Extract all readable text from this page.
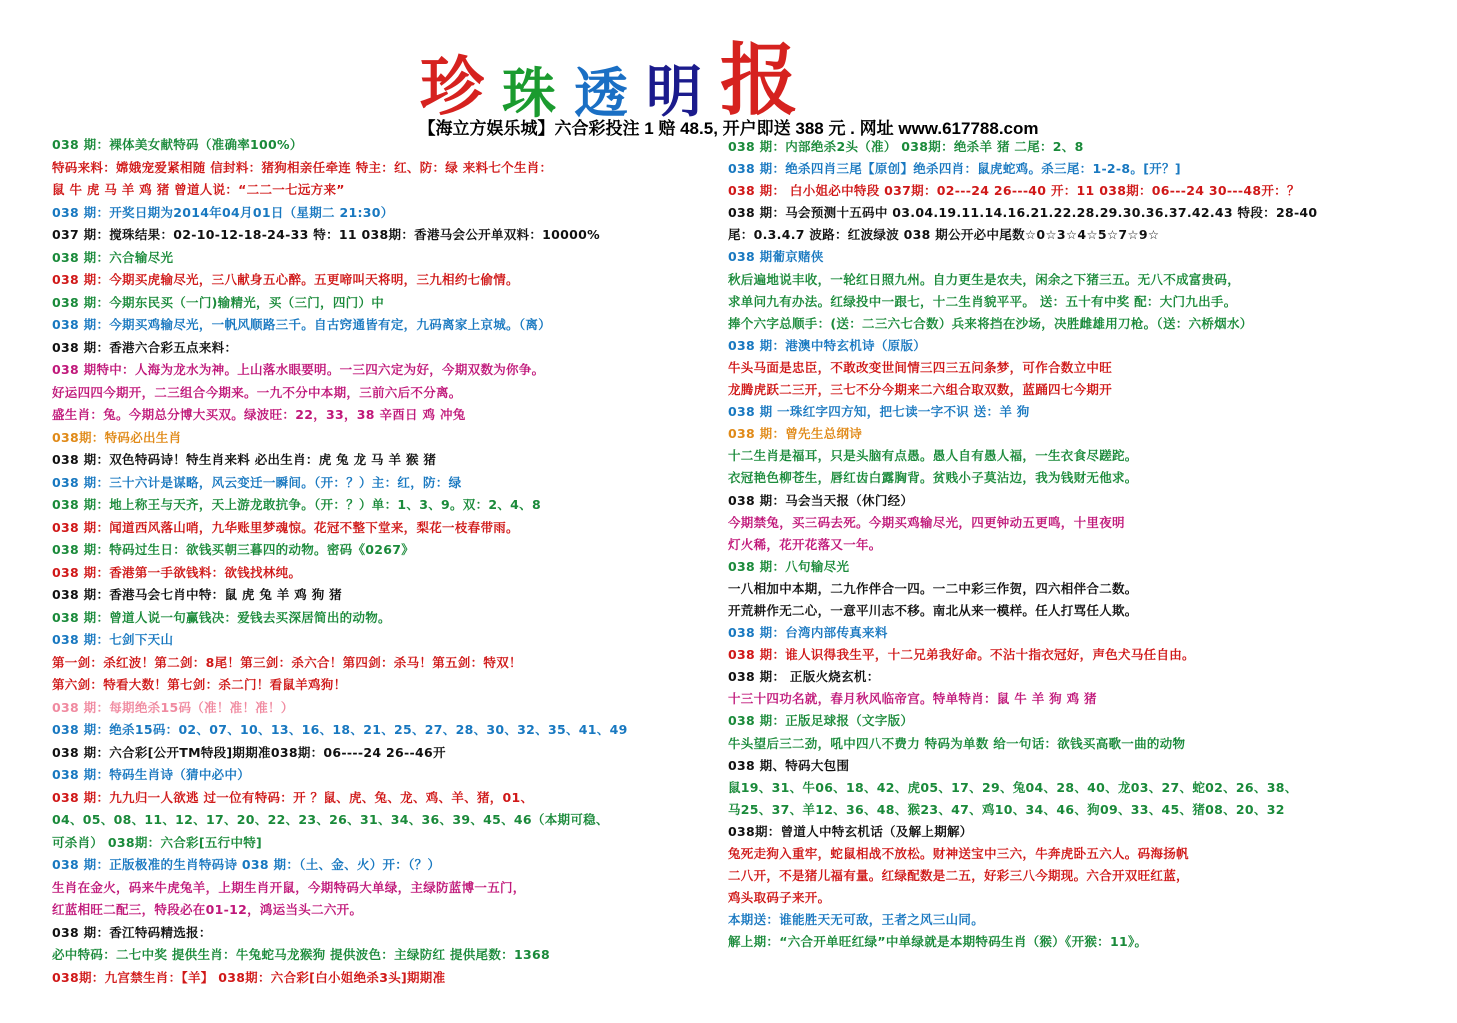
珍 珠 透 明 报
【海立方娱乐城】六合彩投注 1 赔 48.5, 开户即送 388 元 . 网址 www.617788.com
038 期：裸体美女献特码（准确率100%）
特码来料：嫦娥宠爱紧相随 信封料：猪狗相亲任牵连 特主：红、防：绿 来料七个生肖：
鼠 牛 虎 马 羊 鸡 猪 曾道人说：“二二一七远方来”
038 期：开奖日期为2014年04月01日（星期二 21:30）
037 期：搅珠结果：02-10-12-18-24-33 特：11 038期：香港马会公开单双料：10000%
038 期：六合输尽光
038 期：今期买虎输尽光，三八献身五心醉。五更啼叫天将明，三九相约七偷情。
038 期：今期东民买（一门)输精光，买（三门，四门）中
038 期：今期买鸡输尽光，一帆风顺路三千。自古窍通皆有定，九码离家上京城。（离）
038 期：香港六合彩五点来料：
038 期特中：人海为龙水为神。上山落水眼要明。一三四六定为好，今期双数为你争。
好运四四今期开，二三组合今期来。一九不分中本期，三前六后不分离。
盛生肖：兔。今期总分博大买双。绿波旺：22，33，38 辛酉日 鸡 冲兔
038期：特码必出生肖
038 期：双色特码诗！特生肖来料 必出生肖：虎 兔 龙 马 羊 猴 猪
038 期：三十六计是谋略，风云变迁一瞬间。（开：？）主：红，防：绿
038 期：地上称王与天齐，天上游龙敢抗争。（开：？）单：1、3、9。双：2、4、8
038 期：闻道西风落山哨，九华账里梦魂惊。花冠不整下堂来，梨花一枝春带雨。
038 期：特码过生日：欲钱买朝三暮四的动物。密码《0267》
038 期：香港第一手欲钱料：欲钱找林纯。
038 期：香港马会七肖中特：鼠 虎 兔 羊 鸡 狗 猪
038 期：曾道人说一句赢钱决：爱钱去买深居简出的动物。
038 期：七剑下天山
第一剑：杀红波！第二剑：8尾！第三剑：杀六合！第四剑：杀马！第五剑：特双！
第六剑：特看大数！第七剑：杀二门！看鼠羊鸡狗！
038 期：每期绝杀15码（准！准！准！）
038 期：绝杀15码：02、07、10、13、16、18、21、25、27、28、30、32、35、41、49
038 期：六合彩[公开TM特段]期期准038期：06----24 26--46开
038 期：特码生肖诗（猜中必中）
038 期：九九归一人欲逃 过一位有特码：开 ？鼠、虎、兔、龙、鸡、羊、猪，01、
04、05、08、11、12、17、20、22、23、26、31、34、36、39、45、46（本期可稳、
可杀肖） 038期：六合彩[五行中特]
038 期：正版极准的生肖特码诗 038 期：（土、金、火）开：（？）
生肖在金火，码来牛虎兔羊，上期生肖开鼠，今期特码大单绿，主绿防蓝博一五门，
红蓝相旺二配三，特段必在01-12，鸿运当头二六开。
038 期：香江特码精选报：
必中特码：二七中奖 提供生肖：牛兔蛇马龙猴狗 提供波色：主绿防红 提供尾数：1368
038期：九宫禁生肖：【羊】 038期：六合彩[白小姐绝杀3头]期期准
038 期：内部绝杀2头（准） 038期：绝杀羊 猪 二尾：2、8
038 期：绝杀四肖三尾【原创】绝杀四肖：鼠虎蛇鸡。杀三尾：1-2-8。[开？]
038 期： 白小姐必中特段 037期：02---24 26---40 开：11 038期：06---24 30---48开：？
038 期：马会预测十五码中 03.04.19.11.14.16.21.22.28.29.30.36.37.42.43 特段：28-40
尾：0.3.4.7 波路：红波绿波 038 期公开必中尾数☆0☆3☆4☆5☆7☆9☆
038 期葡京赌侠
秋后遍地说丰收，一轮红日照九州。自力更生是农夫，闲余之下猪三五。无八不成富贵码，
求单问九有办法。红绿投中一跟七，十二生肖貌平平。 送：五十有中奖 配：大门九出手。
捧个六字总顺手：(送：二三六七合数）兵来将挡在沙场，决胜雌雄用刀枪。（送：六桥烟水）
038 期：港澳中特玄机诗（原版）
牛头马面是忠臣，不敢改变世间情三四三五问条梦，可作合数立中旺
龙腾虎跃二三开，三七不分今期来二六组合取双数，蓝踊四七今期开
038 期 一珠红字四方知，把七读一字不识 送：羊 狗
038 期：曾先生总纲诗
十二生肖是福耳，只是头脑有点愚。愚人自有愚人福，一生衣食尽蹉跎。
衣冠艳色柳苍生，唇红齿白露胸背。贫贱小子莫沾边，我为钱财无他求。
038 期：马会当天报（休门经）
今期禁兔，买三码去死。今期买鸡输尽光，四更钟动五更鸣，十里夜明
灯火稀，花开花落又一年。
038 期：八句输尽光
一八相加中本期，二九作伴合一四。一二中彩三作贺，四六相伴合二数。
开荒耕作无二心，一意平川志不移。南北从来一模样。任人打骂任人欺。
038 期：台湾内部传真来料
038 期：谁人识得我生平，十二兄弟我好命。不沾十指衣冠好，声色犬马任自由。
038 期： 正版火烧玄机：
十三十四功名就，春月秋风临帝宫。特单特肖：鼠 牛 羊 狗 鸡 猪
038 期：正版足球报（文字版）
牛头望后三二劲，吼中四八不费力 特码为单数 给一句话：欲钱买高歌一曲的动物
038 期、特码大包围
鼠19、31、牛06、18、42、虎05、17、29、兔04、28、40、龙03、27、蛇02、26、38、
马25、37、羊12、36、48、猴23、47、鸡10、34、46、狗09、33、45、猪08、20、32
038期：曾道人中特玄机话（及解上期解）
兔死走狗入重牢，蛇鼠相战不放松。财神送宝中三六，牛奔虎卧五六人。码海扬帆
二八开，不是猪儿福有量。红绿配数是二五，好彩三八今期现。六合开双旺红蓝，
鸡头取码子来开。
本期送：谁能胜天无可敌，王者之风三山同。
解上期：“六合开单旺红绿”中单绿就是本期特码生肖（猴）《开猴：11》。
